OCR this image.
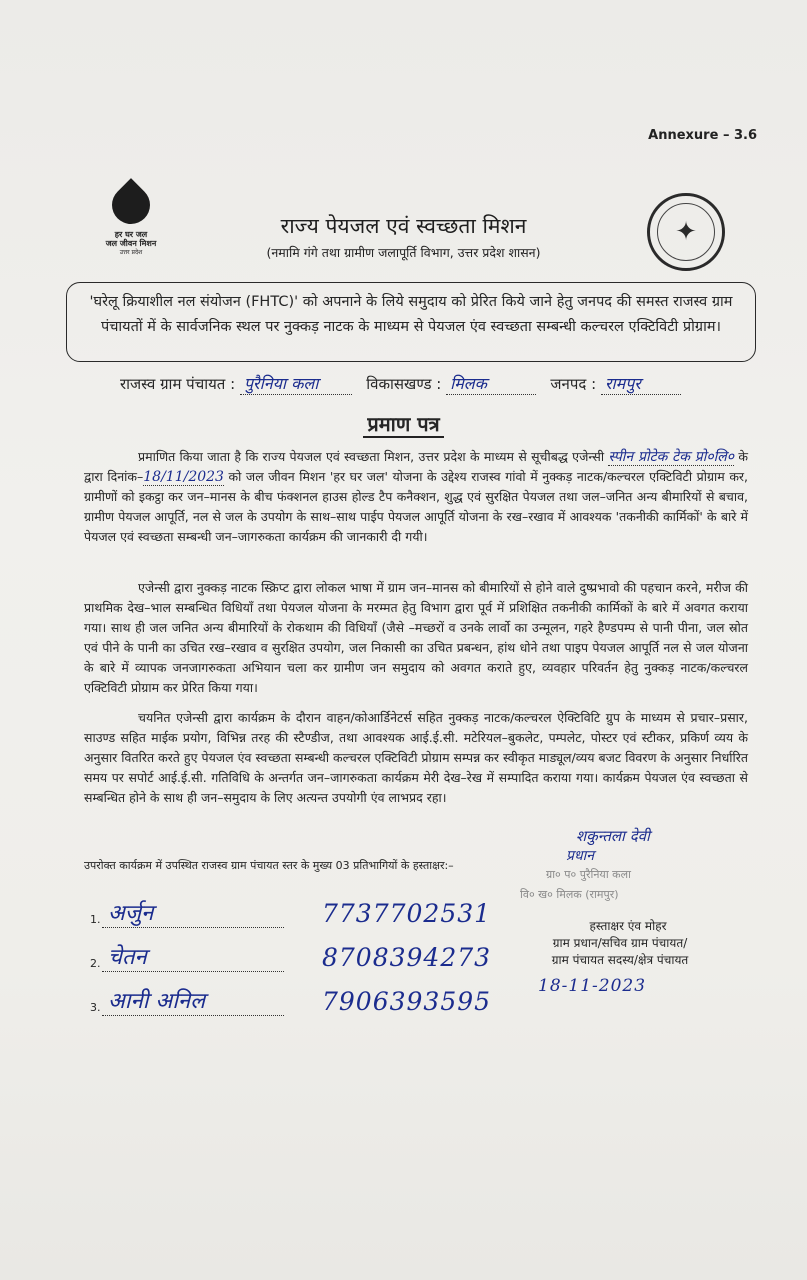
Annexure – 3.6
हर घर जल
जल जीवन मिशन
उत्तर प्रदेश
✦
राज्य पेयजल एवं स्वच्छता मिशन
(नमामि गंगे तथा ग्रामीण जलापूर्ति विभाग, उत्तर प्रदेश शासन)
'घरेलू क्रियाशील नल संयोजन (FHTC)' को अपनाने के लिये समुदाय को प्रेरित किये जाने हेतु जनपद की समस्त राजस्व ग्राम पंचायतों में के सार्वजनिक स्थल पर नुक्कड़ नाटक के माध्यम से पेयजल एंव स्वच्छता सम्बन्धी कल्चरल एक्टिविटी प्रोग्राम।
राजस्व ग्राम पंचायत : पुरैनिया कला	विकासखण्ड : मिलक	जनपद : रामपुर
प्रमाण पत्र
प्रमाणित किया जाता है कि राज्य पेयजल एवं स्वच्छता मिशन, उत्तर प्रदेश के माध्यम से सूचीबद्ध एजेन्सी स्पीन प्रोटेक टेक प्रो०लि० के द्वारा दिनांक–18/11/2023 को जल जीवन मिशन 'हर घर जल' योजना के उद्देश्य राजस्व गांवो में नुक्कड़ नाटक/कल्चरल एक्टिविटी प्रोग्राम कर, ग्रामीणों को इकट्ठा कर जन–मानस के बीच फंक्शनल हाउस होल्ड टैप कनैक्शन, शुद्ध एवं सुरक्षित पेयजल तथा जल–जनित अन्य बीमारियों से बचाव, ग्रामीण पेयजल आपूर्ति, नल से जल के उपयोग के साथ–साथ पाईप पेयजल आपूर्ति योजना के रख–रखाव में आवश्यक 'तकनीकी कार्मिकों' के बारे में पेयजल एवं स्वच्छता सम्बन्धी जन–जागरुकता कार्यक्रम की जानकारी दी गयी।
एजेन्सी द्वारा नुक्कड़ नाटक स्क्रिप्ट द्वारा लोकल भाषा में ग्राम जन–मानस को बीमारियों से होने वाले दुष्प्रभावो की पहचान करने, मरीज की प्राथमिक देख–भाल सम्बन्धित विधियाँ तथा पेयजल योजना के मरम्मत हेतु विभाग द्वारा पूर्व में प्रशिक्षित तकनीकी कार्मिकों के बारे में अवगत कराया गया। साथ ही जल जनित अन्य बीमारियों के रोकथाम की विधियाँ (जैसे –मच्छरों व उनके लार्वो का उन्मूलन, गहरे हैण्डपम्प से पानी पीना, जल स्रोत एवं पीने के पानी का उचित रख–रखाव व सुरक्षित उपयोग, जल निकासी का उचित प्रबन्धन, हांथ धोने तथा पाइप पेयजल आपूर्ति नल से जल योजना के बारे में व्यापक जनजागरुकता अभियान चला कर ग्रामीण जन समुदाय को अवगत कराते हुए, व्यवहार परिवर्तन हेतु नुक्कड़ नाटक/कल्चरल एक्टिविटी प्रोग्राम कर प्रेरित किया गया।
चयनित एजेन्सी द्वारा कार्यक्रम के दौरान वाहन/कोआर्डिनेटर्स सहित नुक्कड़ नाटक/कल्चरल ऐक्टिविटि ग्रुप के माध्यम से प्रचार–प्रसार, साउण्ड सहित माईक प्रयोग, विभिन्न तरह की स्टैण्डीज, तथा आवश्यक आई.ई.सी. मटेरियल–बुकलेट, पम्पलेट, पोस्टर एवं स्टीकर, प्रकिर्ण व्यय के अनुसार वितरित करते हुए पेयजल एंव स्वच्छता सम्बन्धी कल्चरल एक्टिविटी प्रोग्राम सम्पन्न कर स्वीकृत माड्यूल/व्यय बजट विवरण के अनुसार निर्धारित समय पर सपोर्ट आई.ई.सी. गतिविधि के अन्तर्गत जन–जागरुकता कार्यक्रम मेरी देख–रेख में सम्पादित कराया गया। कार्यक्रम पेयजल एंव स्वच्छता से सम्बन्धित होने के साथ ही जन–समुदाय के लिए अत्यन्त उपयोगी एंव लाभप्रद रहा।
उपरोक्त कार्यक्रम में उपस्थित राजस्व ग्राम पंचायत स्तर के मुख्य 03 प्रतिभागियों के हस्ताक्षर:–
1. अर्जुन	7737702531
2. चेतन	8708394273
3. आनी अनिल	7906393595
शकुन्तला देवी
प्रधान
ग्रा० प० पुरैनिया कला
वि० ख० मिलक (रामपुर)
हस्ताक्षर एंव मोहर
ग्राम प्रधान/सचिव ग्राम पंचायत/
ग्राम पंचायत सदस्य/क्षेत्र पंचायत
18-11-2023
